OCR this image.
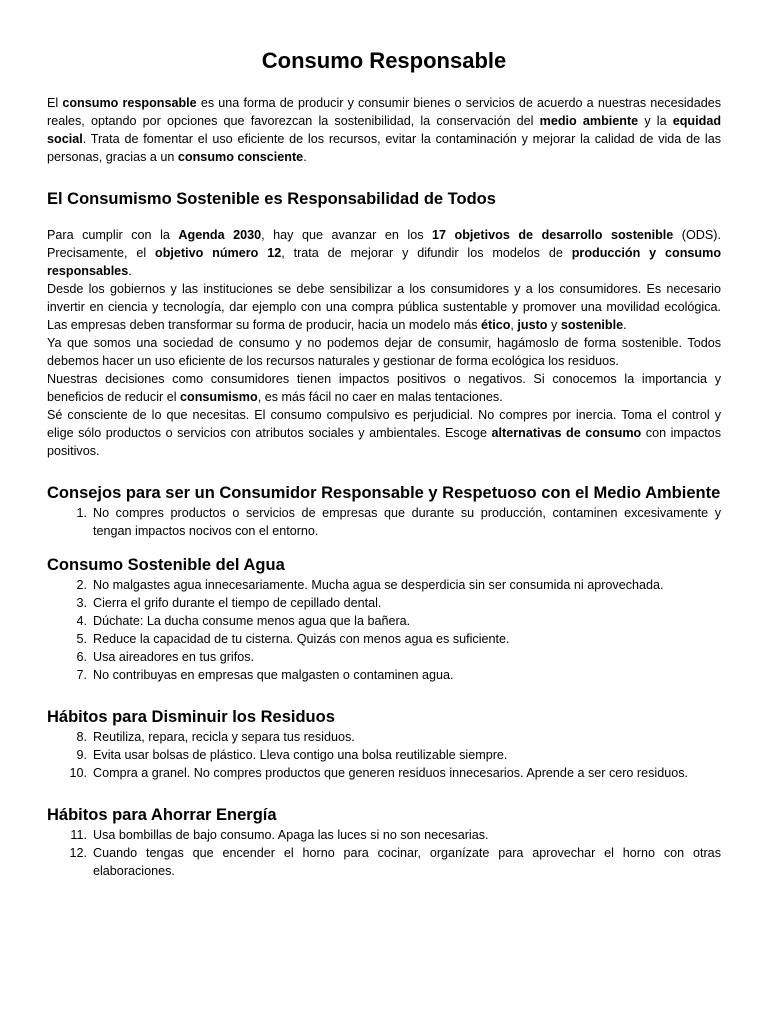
Consumo Responsable

El consumo responsable es una forma de producir y consumir bienes o servicios de acuerdo a nuestras necesidades reales, optando por opciones que favorezcan la sostenibilidad, la conservación del medio ambiente y la equidad social. Trata de fomentar el uso eficiente de los recursos, evitar la contaminación y mejorar la calidad de vida de las personas, gracias a un consumo consciente.

El Consumismo Sostenible es Responsabilidad de Todos

Para cumplir con la Agenda 2030, hay que avanzar en los 17 objetivos de desarrollo sostenible (ODS). Precisamente, el objetivo número 12, trata de mejorar y difundir los modelos de producción y consumo responsables.

Desde los gobiernos y las instituciones se debe sensibilizar a los consumidores y a los consumidores. Es necesario invertir en ciencia y tecnología, dar ejemplo con una compra pública sustentable y promover una movilidad ecológica. Las empresas deben transformar su forma de producir, hacia un modelo más ético, justo y sostenible.

Ya que somos una sociedad de consumo y no podemos dejar de consumir, hagámoslo de forma sostenible. Todos debemos hacer un uso eficiente de los recursos naturales y gestionar de forma ecológica los residuos.

Nuestras decisiones como consumidores tienen impactos positivos o negativos. Si conocemos la importancia y beneficios de reducir el consumismo, es más fácil no caer en malas tentaciones.

Sé consciente de lo que necesitas. El consumo compulsivo es perjudicial. No compres por inercia. Toma el control y elige sólo productos o servicios con atributos sociales y ambientales. Escoge alternativas de consumo con impactos positivos.

Consejos para ser un Consumidor Responsable y Respetuoso con el Medio Ambiente
1. No compres productos o servicios de empresas que durante su producción, contaminen excesivamente y tengan impactos nocivos con el entorno.
Consumo Sostenible del Agua
2. No malgastes agua innecesariamente. Mucha agua se desperdicia sin ser consumida ni aprovechada.
3. Cierra el grifo durante el tiempo de cepillado dental.
4. Dúchate: La ducha consume menos agua que la bañera.
5. Reduce la capacidad de tu cisterna. Quizás con menos agua es suficiente.
6. Usa aireadores en tus grifos.
7. No contribuyas en empresas que malgasten o contaminen agua.
Hábitos para Disminuir los Residuos
8. Reutiliza, repara, recicla y separa tus residuos.
9. Evita usar bolsas de plástico. Lleva contigo una bolsa reutilizable siempre.
10. Compra a granel. No compres productos que generen residuos innecesarios. Aprende a ser cero residuos.
Hábitos para Ahorrar Energía
11. Usa bombillas de bajo consumo. Apaga las luces si no son necesarias.
12. Cuando tengas que encender el horno para cocinar, organízate para aprovechar el horno con otras elaboraciones.
